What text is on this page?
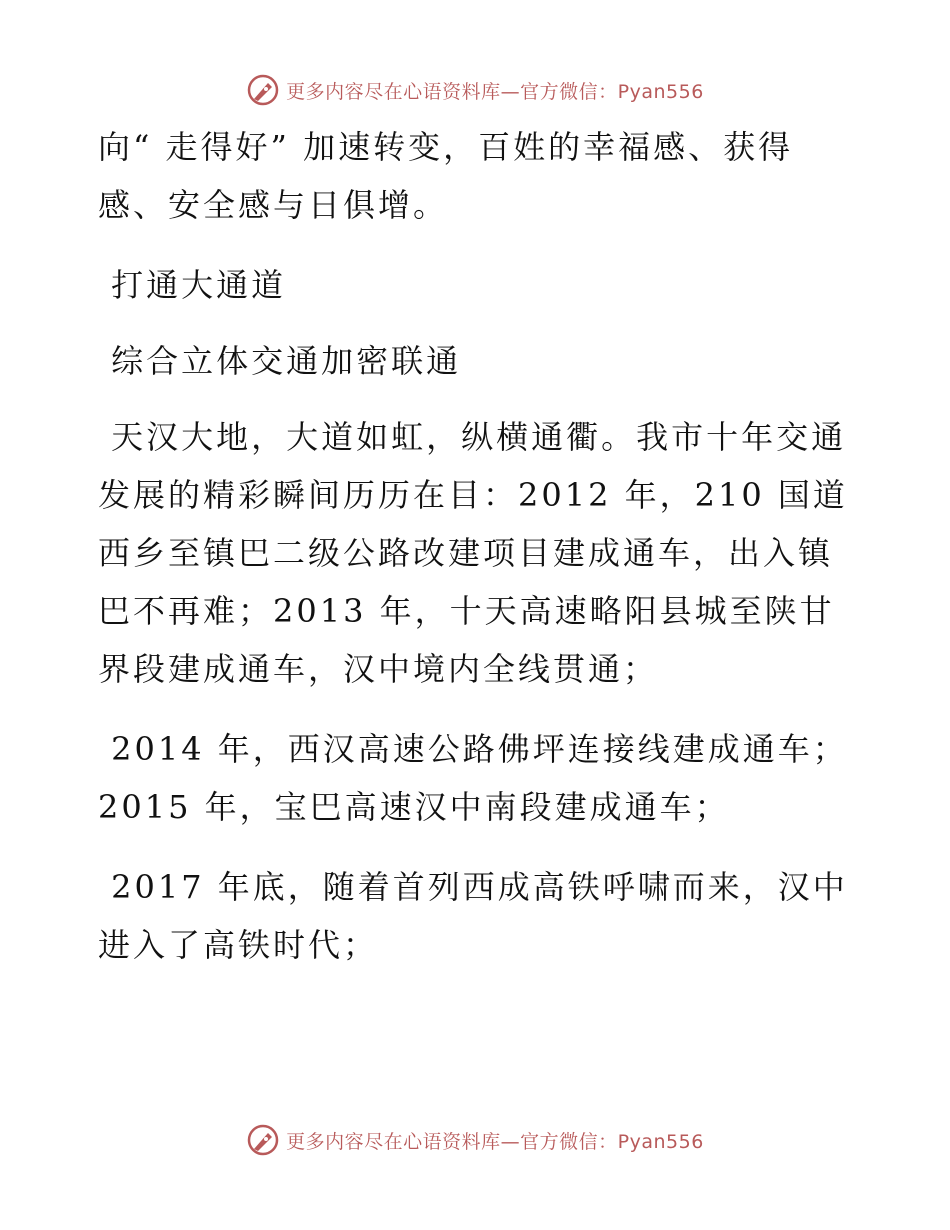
更多内容尽在心语资料库—官方微信：Pyan556

向“ 走得好” 加速转变，百姓的幸福感、获得感、安全感与日俱增。

打通大通道

综合立体交通加密联通

天汉大地，大道如虹，纵横通衢。我市十年交通发展的精彩瞬间历历在目：2012 年，210 国道西乡至镇巴二级公路改建项目建成通车，出入镇巴不再难；2013 年，十天高速略阳县城至陕甘界段建成通车，汉中境内全线贯通；

2014 年，西汉高速公路佛坪连接线建成通车；2015 年，宝巴高速汉中南段建成通车；

2017 年底，随着首列西成高铁呼啸而来，汉中进入了高铁时代；

更多内容尽在心语资料库—官方微信：Pyan556
